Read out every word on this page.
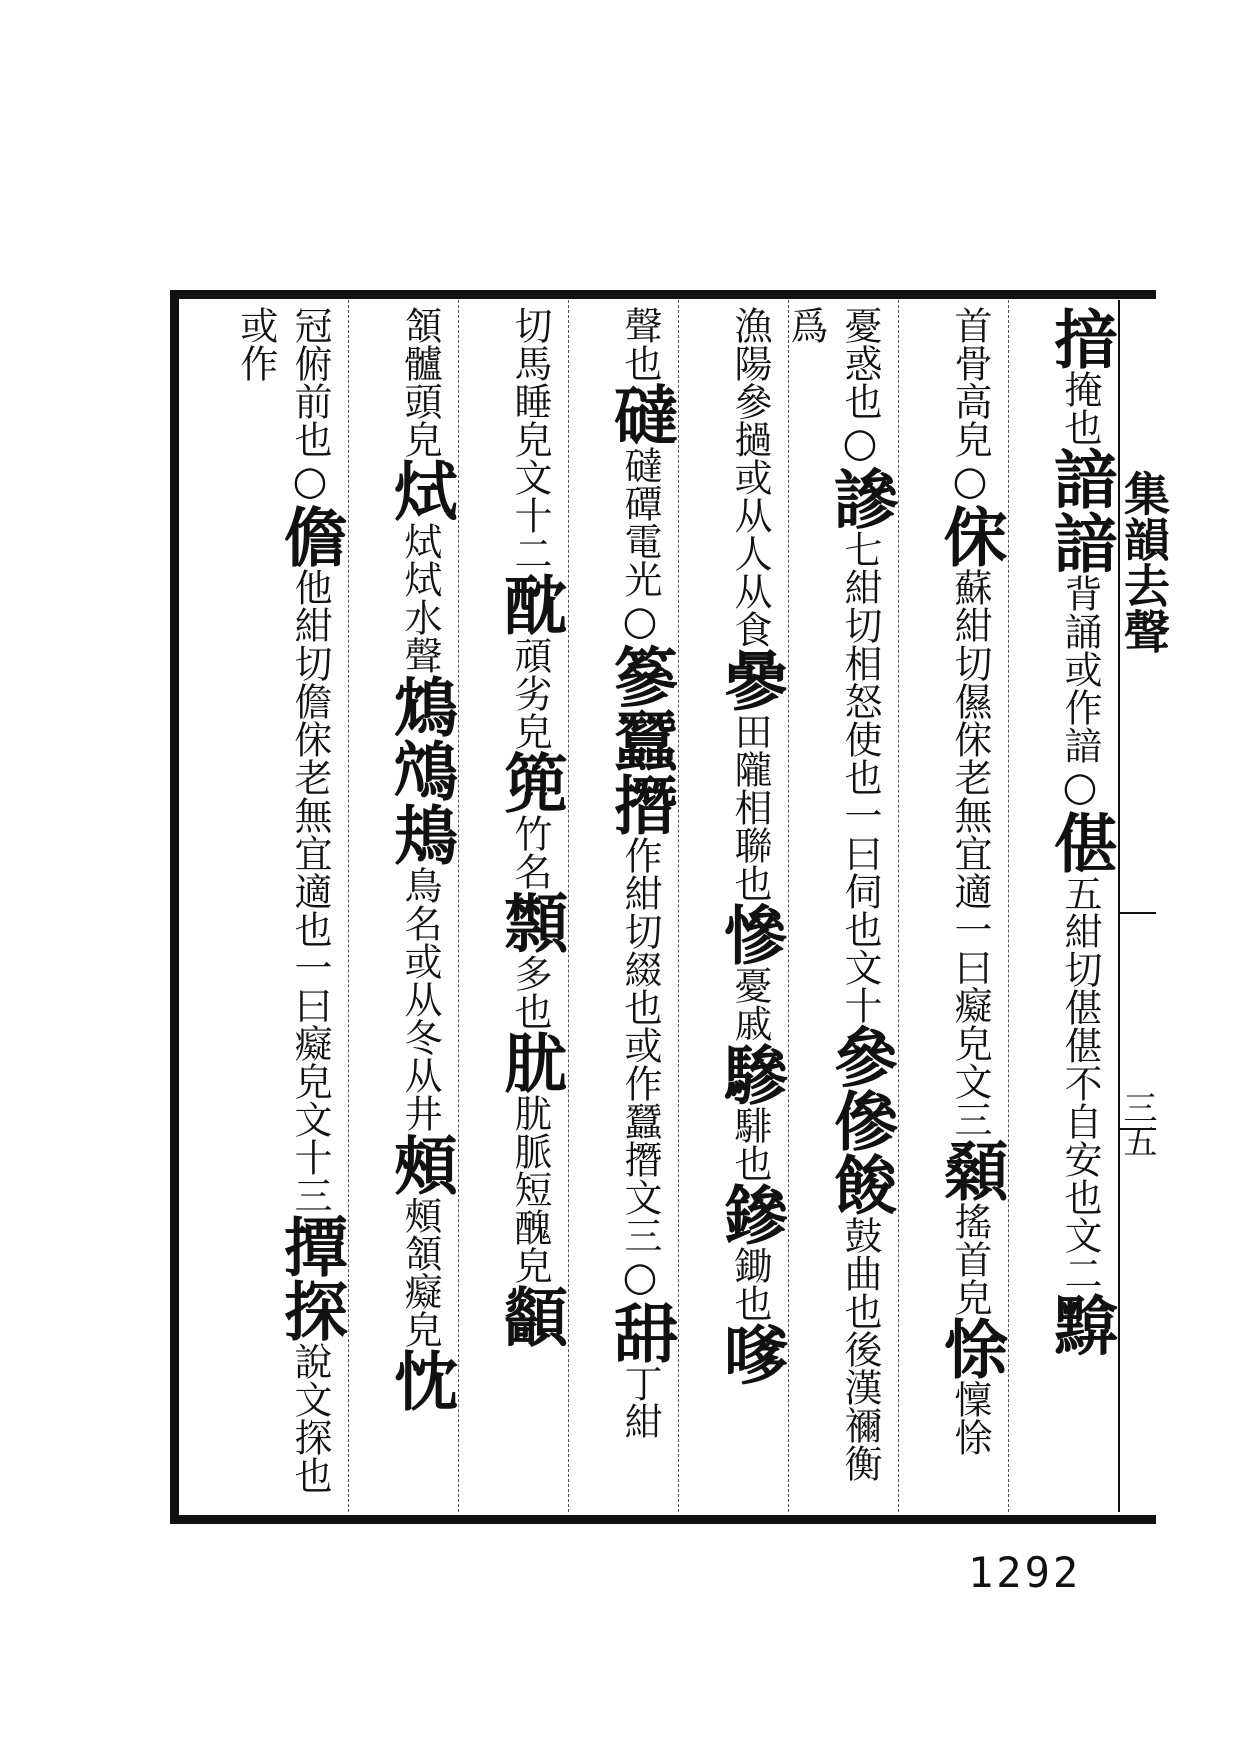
揞掩也諳諳背誦或作諳○偡五紺切偡偡不自安也文二黭
首骨高皃○俕蘇紺切儑俕老無宜適一曰癡皃文三顙搖首皃悇懍悇
憂惑也○謲七紺切相怒使也一曰伺也文十參傪餕鼓曲也後漢禰衡爲
漁陽參撾或从人从食曑田隴相聯也慘憂戚驂騑也鏒鋤也嗲
聲也䃮䃮磹電光○篸蠶撍作紺切綴也或作蠶撍文三○䑙丁紺
切馬睡皃文十二酖頑劣皃篼竹名䫴多也肬肬脈短醜皃顲
頷髗頭皃烒烒烒水聲鴆鴪鳺鳥名或从冬从井頰頰頷癡皃忱
冠俯前也○儋他紺切儋俕老無宜適也一曰癡皃文十三撢探說文探也或作
集韻去聲
三五
1292
